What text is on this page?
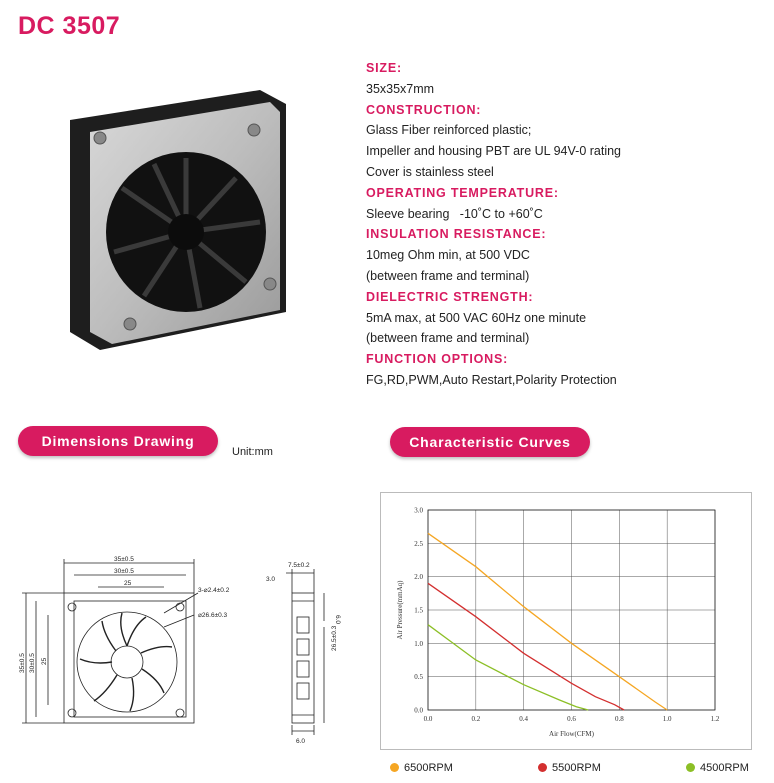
DC 3507
SIZE:
35x35x7mm
CONSTRUCTION:
Glass Fiber reinforced plastic;
Impeller and housing PBT are UL 94V-0 rating
Cover is stainless steel
OPERATING TEMPERATURE:
Sleeve bearing   -10˚C to +60˚C
INSULATION RESISTANCE:
10meg Ohm min, at 500 VDC
(between frame and terminal)
DIELECTRIC STRENGTH:
5mA max, at 500 VAC 60Hz one minute
(between frame and terminal)
FUNCTION OPTIONS:
FG,RD,PWM,Auto Restart,Polarity Protection
Dimensions Drawing
Unit:mm
Characteristic Curves
35±0.5
30±0.5
25
3-⌀2.4±0.2
⌀26.6±0.3
35±0.5 30±0.5 25
3.0
7.5±0.2
6.0
26.5±0.3
6.0
0.0	0.2	0.4	0.6	0.8	1.0	1.2
0.0
0.5
1.0
1.5
2.0
2.5
3.0
Air Flow(CFM)
Air Pressure(mmAq)
6500RPM	5500RPM	4500RPM
